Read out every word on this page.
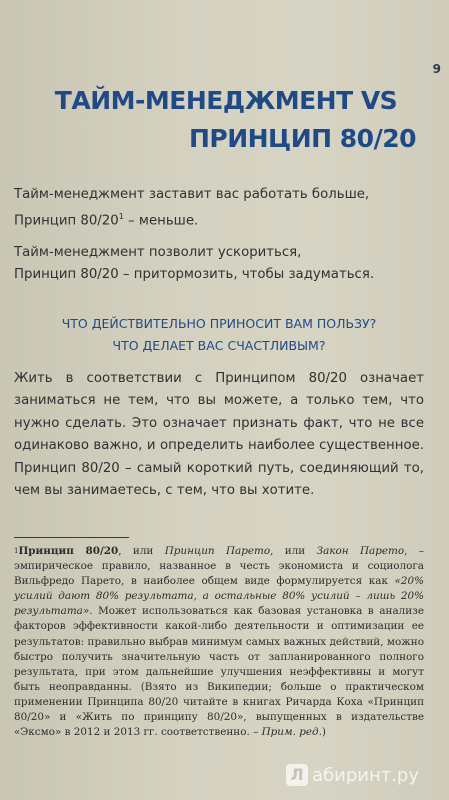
9
ТАЙМ-МЕНЕДЖМЕНТ VS
ПРИНЦИП 80/20

Тайм-менеджмент заставит вас работать больше,

Принцип $80/20^1$ – меньше.

Тайм-менеджмент позволит ускориться,

Принцип 80/20 – притормозить, чтобы задуматься.

ЧТО ДЕЙСТВИТЕЛЬНО ПРИНОСИТ ВАМ ПОЛЬЗУ?
ЧТО ДЕЛАЕТ ВАС СЧАСТЛИВЫМ?

Жить в соответствии с Принципом 80/20 означает заниматься не тем, что вы можете, а только тем, что нужно сделать. Это означает признать факт, что не все одинаково важно, и определить наиболее существенное. Принцип 80/20 – самый короткий путь, соединяющий то, чем вы занимаетесь, с тем, что вы хотите.

$^1$Принцип 80/20, или Принцип Парето, или Закон Парето, – эмпирическое правило, названное в честь экономиста и социолога Вильфредо Парето, в наиболее общем виде формулируется как «20% усилий дают 80% результата, а остальные 80% усилий – лишь 20% результата». Может использоваться как базовая установка в анализе факторов эффективности какой-либо деятельности и оптимизации ее результатов: правильно выбрав минимум самых важных действий, можно быстро получить значительную часть от запланированного полного результата, при этом дальнейшие улучшения неэффективны и могут быть неоправданны. (Взято из Википедии; больше о практическом применении Принципа 80/20 читайте в книгах Ричарда Коха «Принцип 80/20» и «Жить по принципу 80/20», выпущенных в издательстве «Эксмо» в 2012 и 2013 гг. соответственно. – Прим. ред.)

Л абиринт.ру
